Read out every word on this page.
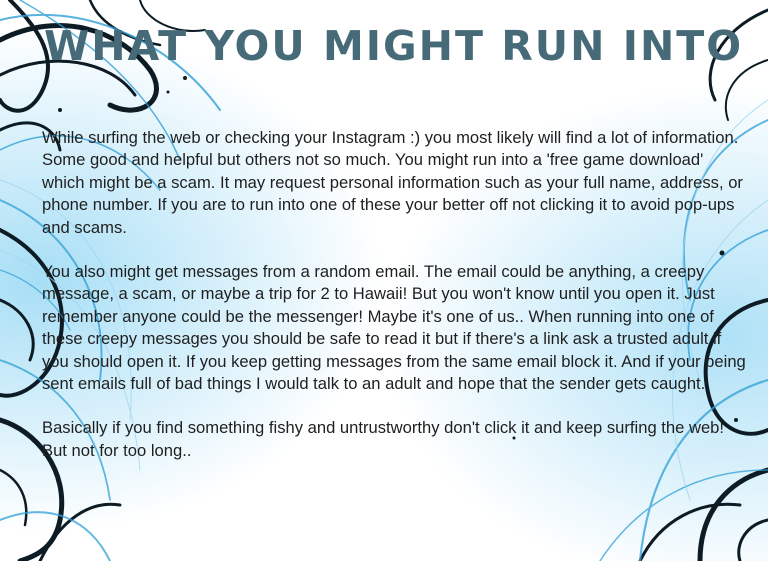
WHAT YOU MIGHT RUN INTO

While surfing the web or checking your Instagram :) you most likely will find a lot of information. Some good and helpful but others not so much. You might run into a 'free game download' which might be a scam. It may request personal information such as your full name, address, or phone number. If you are to run into one of these your better off not clicking it to avoid pop-ups and scams.

You also might get messages from a random email. The email could be anything, a creepy message, a scam, or maybe a trip for 2 to Hawaii! But you won't know until you open it. Just remember anyone could be the messenger! Maybe it's one of us.. When running into one of these creepy messages you should be safe to read it but if there's a link ask a trusted adult if you should open it. If you keep getting messages from the same email block it. And if your being sent emails full of bad things I would talk to an adult and hope that the sender gets caught.

Basically if you find something fishy and untrustworthy don't click it and keep surfing the web! But not for too long..
